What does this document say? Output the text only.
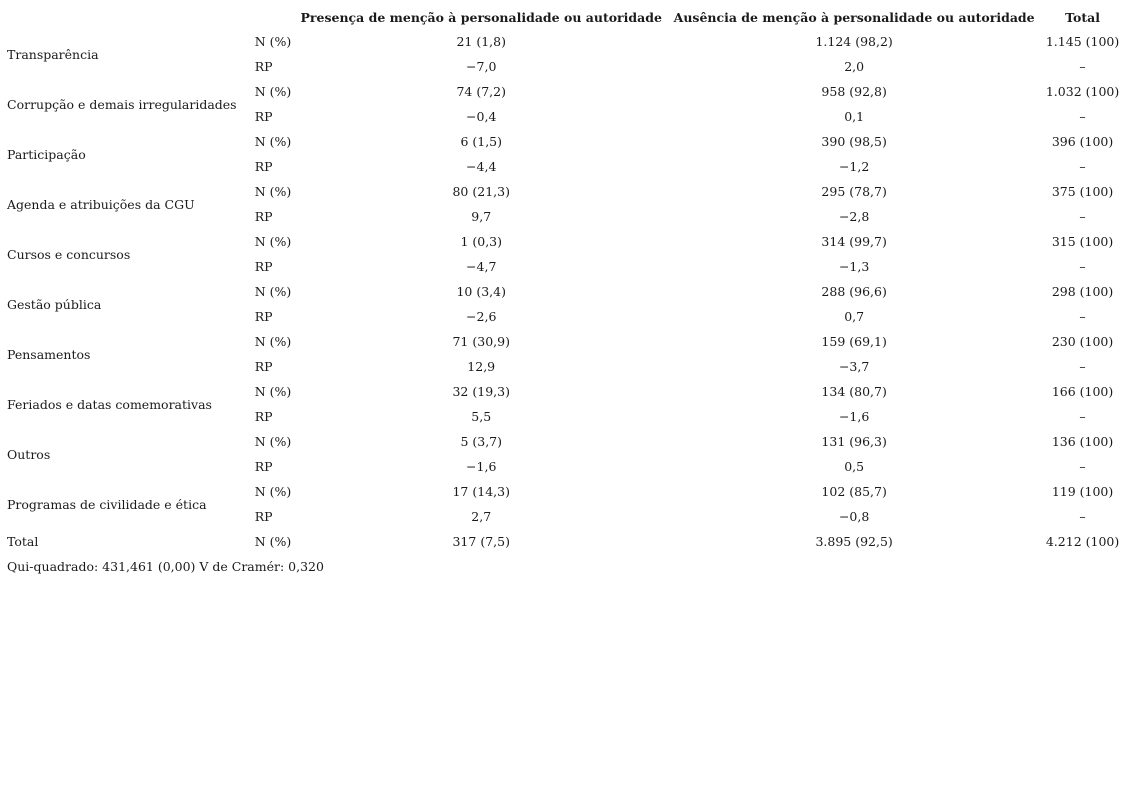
		Presença de menção à personalidade ou autoridade	Ausência de menção à personalidade ou autoridade	Total
Transparência	N (%)	21 (1,8)	1.124 (98,2)	1.145 (100)
	RP	−7,0	2,0	–
Corrupção e demais irregularidades	N (%)	74 (7,2)	958 (92,8)	1.032 (100)
	RP	−0,4	0,1	–
Participação	N (%)	6 (1,5)	390 (98,5)	396 (100)
	RP	−4,4	−1,2	–
Agenda e atribuições da CGU	N (%)	80 (21,3)	295 (78,7)	375 (100)
	RP	9,7	−2,8	–
Cursos e concursos	N (%)	1 (0,3)	314 (99,7)	315 (100)
	RP	−4,7	−1,3	–
Gestão pública	N (%)	10 (3,4)	288 (96,6)	298 (100)
	RP	−2,6	0,7	–
Pensamentos	N (%)	71 (30,9)	159 (69,1)	230 (100)
	RP	12,9	−3,7	–
Feriados e datas comemorativas	N (%)	32 (19,3)	134 (80,7)	166 (100)
	RP	5,5	−1,6	–
Outros	N (%)	5 (3,7)	131 (96,3)	136 (100)
	RP	−1,6	0,5	–
Programas de civilidade e ética	N (%)	17 (14,3)	102 (85,7)	119 (100)
	RP	2,7	−0,8	–
Total	N (%)	317 (7,5)	3.895 (92,5)	4.212 (100)
Qui-quadrado: 431,461 (0,00) V de Cramér: 0,320				
